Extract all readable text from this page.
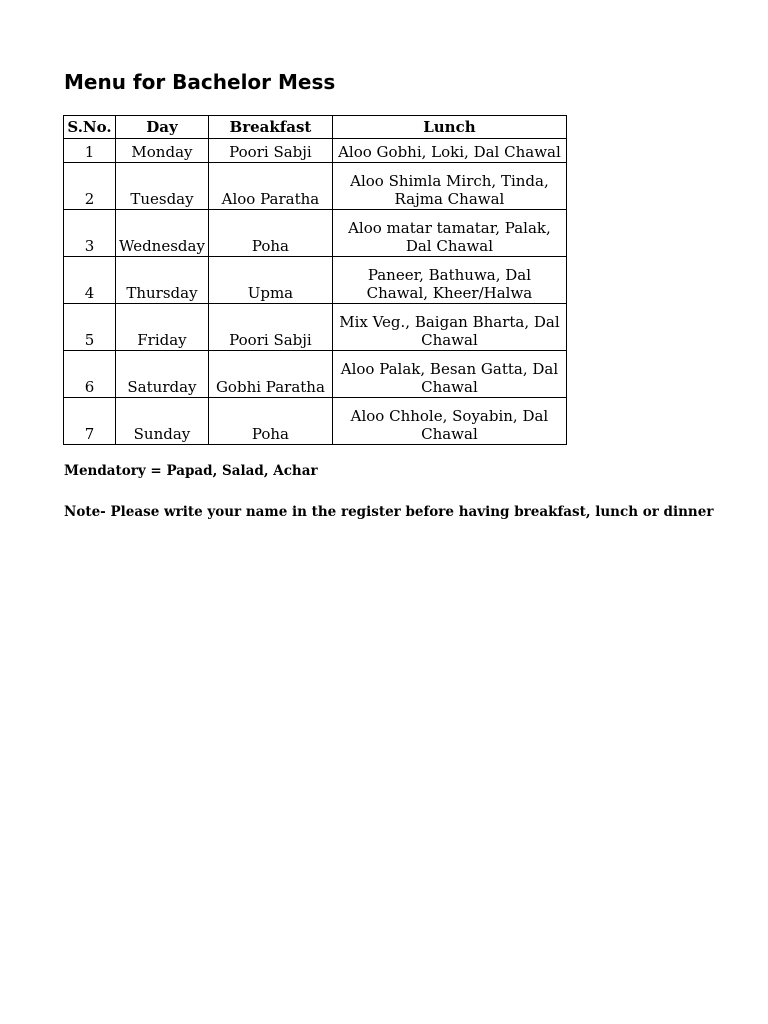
Menu for Bachelor Mess
S.No.	Day	Breakfast	Lunch
1	Monday	Poori Sabji	Aloo Gobhi, Loki, Dal Chawal

2	Tuesday	Aloo Paratha	Aloo Shimla Mirch, Tinda, Rajma Chawal

3	Wednesday	Poha	Aloo matar tamatar, Palak, Dal Chawal

4	Thursday	Upma	Paneer, Bathuwa, Dal Chawal, Kheer/Halwa

5	Friday	Poori Sabji	Mix Veg., Baigan Bharta, Dal Chawal

6	Saturday	Gobhi Paratha	Aloo Palak, Besan Gatta, Dal Chawal

7	Sunday	Poha	Aloo Chhole, Soyabin, Dal Chawal
Mendatory = Papad, Salad, Achar
Note- Please write your name in the register before having breakfast, lunch or dinner
